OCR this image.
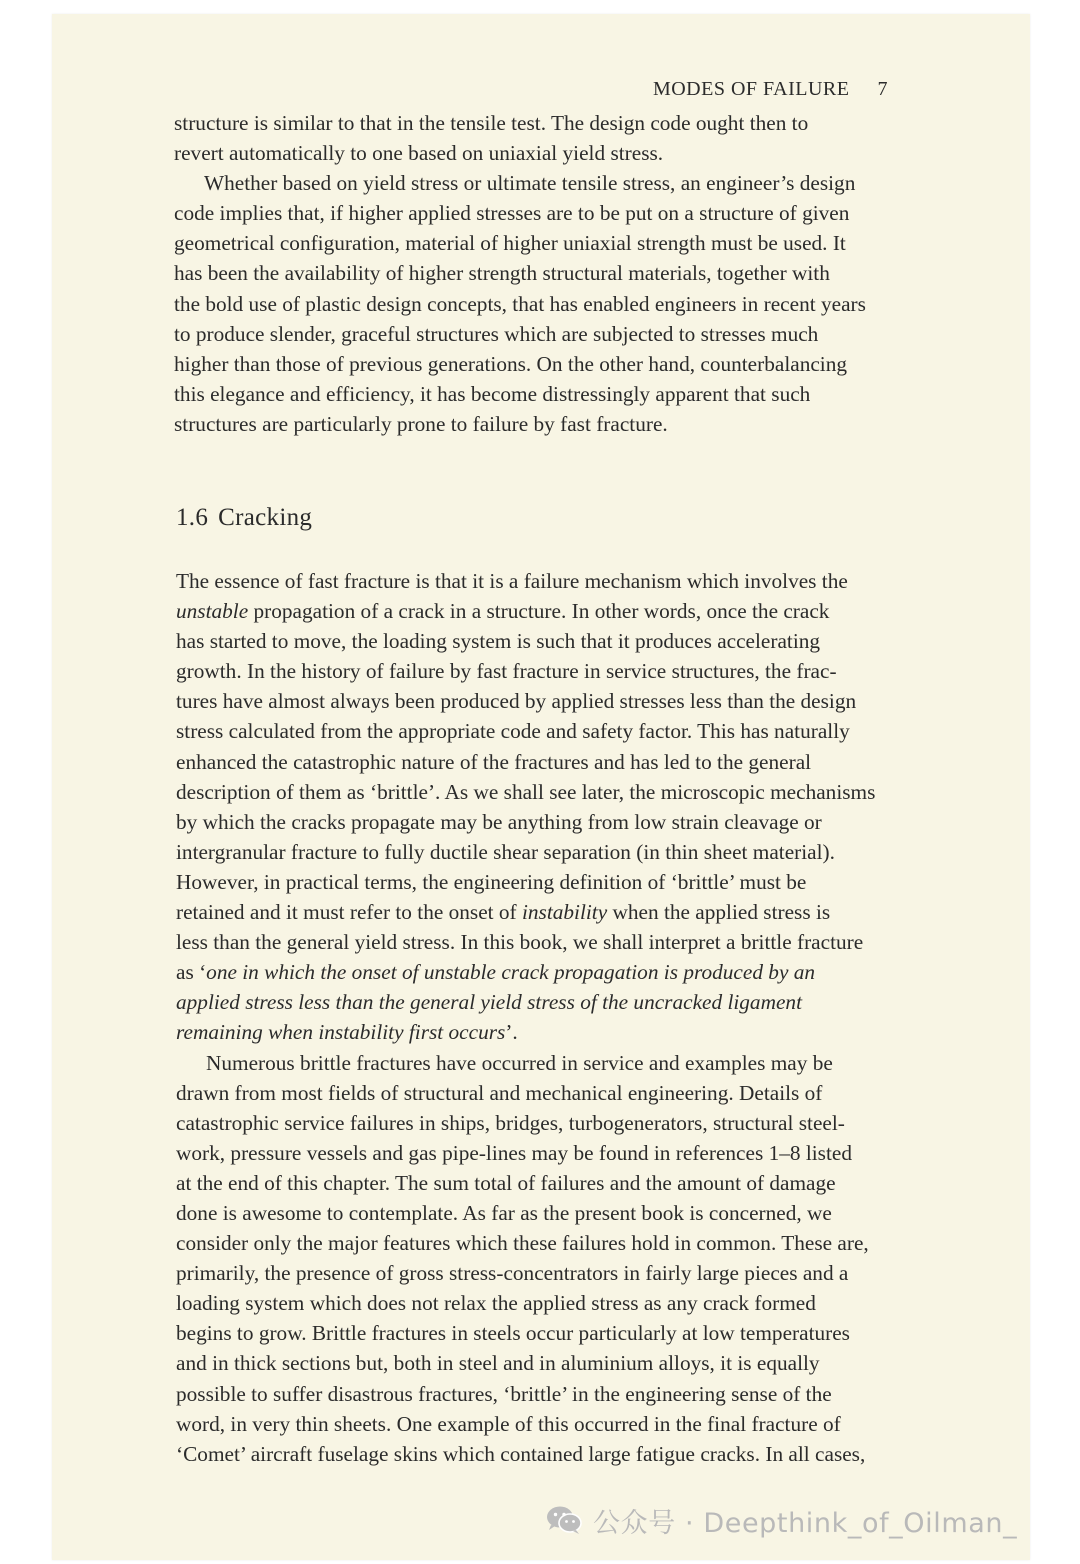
MODES OF FAILURE 7
structure is similar to that in the tensile test. The design code ought then to
revert automatically to one based on uniaxial yield stress.
Whether based on yield stress or ultimate tensile stress, an engineer’s design
code implies that, if higher applied stresses are to be put on a structure of given
geometrical configuration, material of higher uniaxial strength must be used. It
has been the availability of higher strength structural materials, together with
the bold use of plastic design concepts, that has enabled engineers in recent years
to produce slender, graceful structures which are subjected to stresses much
higher than those of previous generations. On the other hand, counterbalancing
this elegance and efficiency, it has become distressingly apparent that such
structures are particularly prone to failure by fast fracture.
1.6 Cracking
The essence of fast fracture is that it is a failure mechanism which involves the
unstable propagation of a crack in a structure. In other words, once the crack
has started to move, the loading system is such that it produces accelerating
growth. In the history of failure by fast fracture in service structures, the frac-
tures have almost always been produced by applied stresses less than the design
stress calculated from the appropriate code and safety factor. This has naturally
enhanced the catastrophic nature of the fractures and has led to the general
description of them as ‘brittle’. As we shall see later, the microscopic mechanisms
by which the cracks propagate may be anything from low strain cleavage or
intergranular fracture to fully ductile shear separation (in thin sheet material).
However, in practical terms, the engineering definition of ‘brittle’ must be
retained and it must refer to the onset of instability when the applied stress is
less than the general yield stress. In this book, we shall interpret a brittle fracture
as ‘one in which the onset of unstable crack propagation is produced by an
applied stress less than the general yield stress of the uncracked ligament
remaining when instability first occurs’.
Numerous brittle fractures have occurred in service and examples may be
drawn from most fields of structural and mechanical engineering. Details of
catastrophic service failures in ships, bridges, turbogenerators, structural steel-
work, pressure vessels and gas pipe-lines may be found in references 1–8 listed
at the end of this chapter. The sum total of failures and the amount of damage
done is awesome to contemplate. As far as the present book is concerned, we
consider only the major features which these failures hold in common. These are,
primarily, the presence of gross stress-concentrators in fairly large pieces and a
loading system which does not relax the applied stress as any crack formed
begins to grow. Brittle fractures in steels occur particularly at low temperatures
and in thick sections but, both in steel and in aluminium alloys, it is equally
possible to suffer disastrous fractures, ‘brittle’ in the engineering sense of the
word, in very thin sheets. One example of this occurred in the final fracture of
‘Comet’ aircraft fuselage skins which contained large fatigue cracks. In all cases,
公众号 · Deepthink_of_Oilman_
